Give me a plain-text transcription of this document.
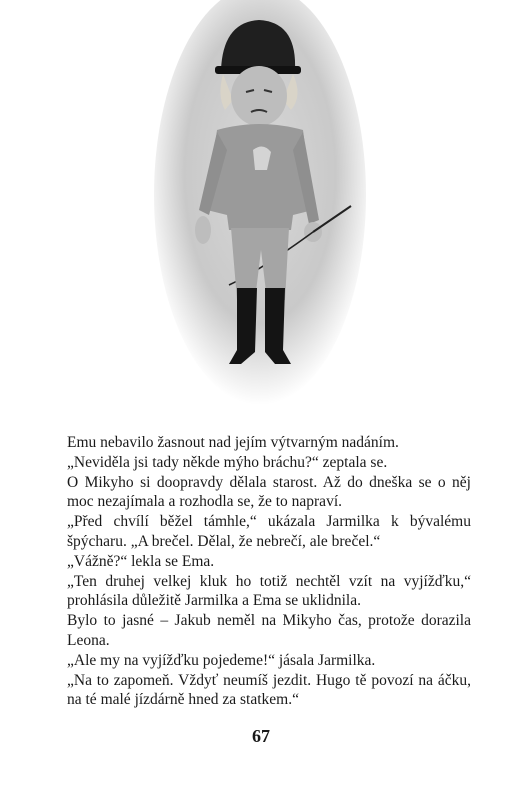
Emu nebavilo žasnout nad jejím výtvarným nadáním.

„Neviděla jsi tady někde mýho bráchu?“ zeptala se.

O Mikyho si doopravdy dělala starost. Až do dneška se o něj moc nezajímala a rozhodla se, že to napraví.

„Před chvílí běžel támhle,“ ukázala Jarmilka k bývalému špýcharu. „A brečel. Dělal, že nebrečí, ale brečel.“

„Vážně?“ lekla se Ema.

„Ten druhej velkej kluk ho totiž nechtěl vzít na vyjížďku,“ prohlásila důležitě Jarmilka a Ema se uklidnila.

Bylo to jasné – Jakub neměl na Mikyho čas, protože dorazila Leona.

„Ale my na vyjížďku pojedeme!“ jásala Jarmilka.

„Na to zapomeň. Vždyť neumíš jezdit. Hugo tě povozí na áčku, na té malé jízdárně hned za statkem.“

67
